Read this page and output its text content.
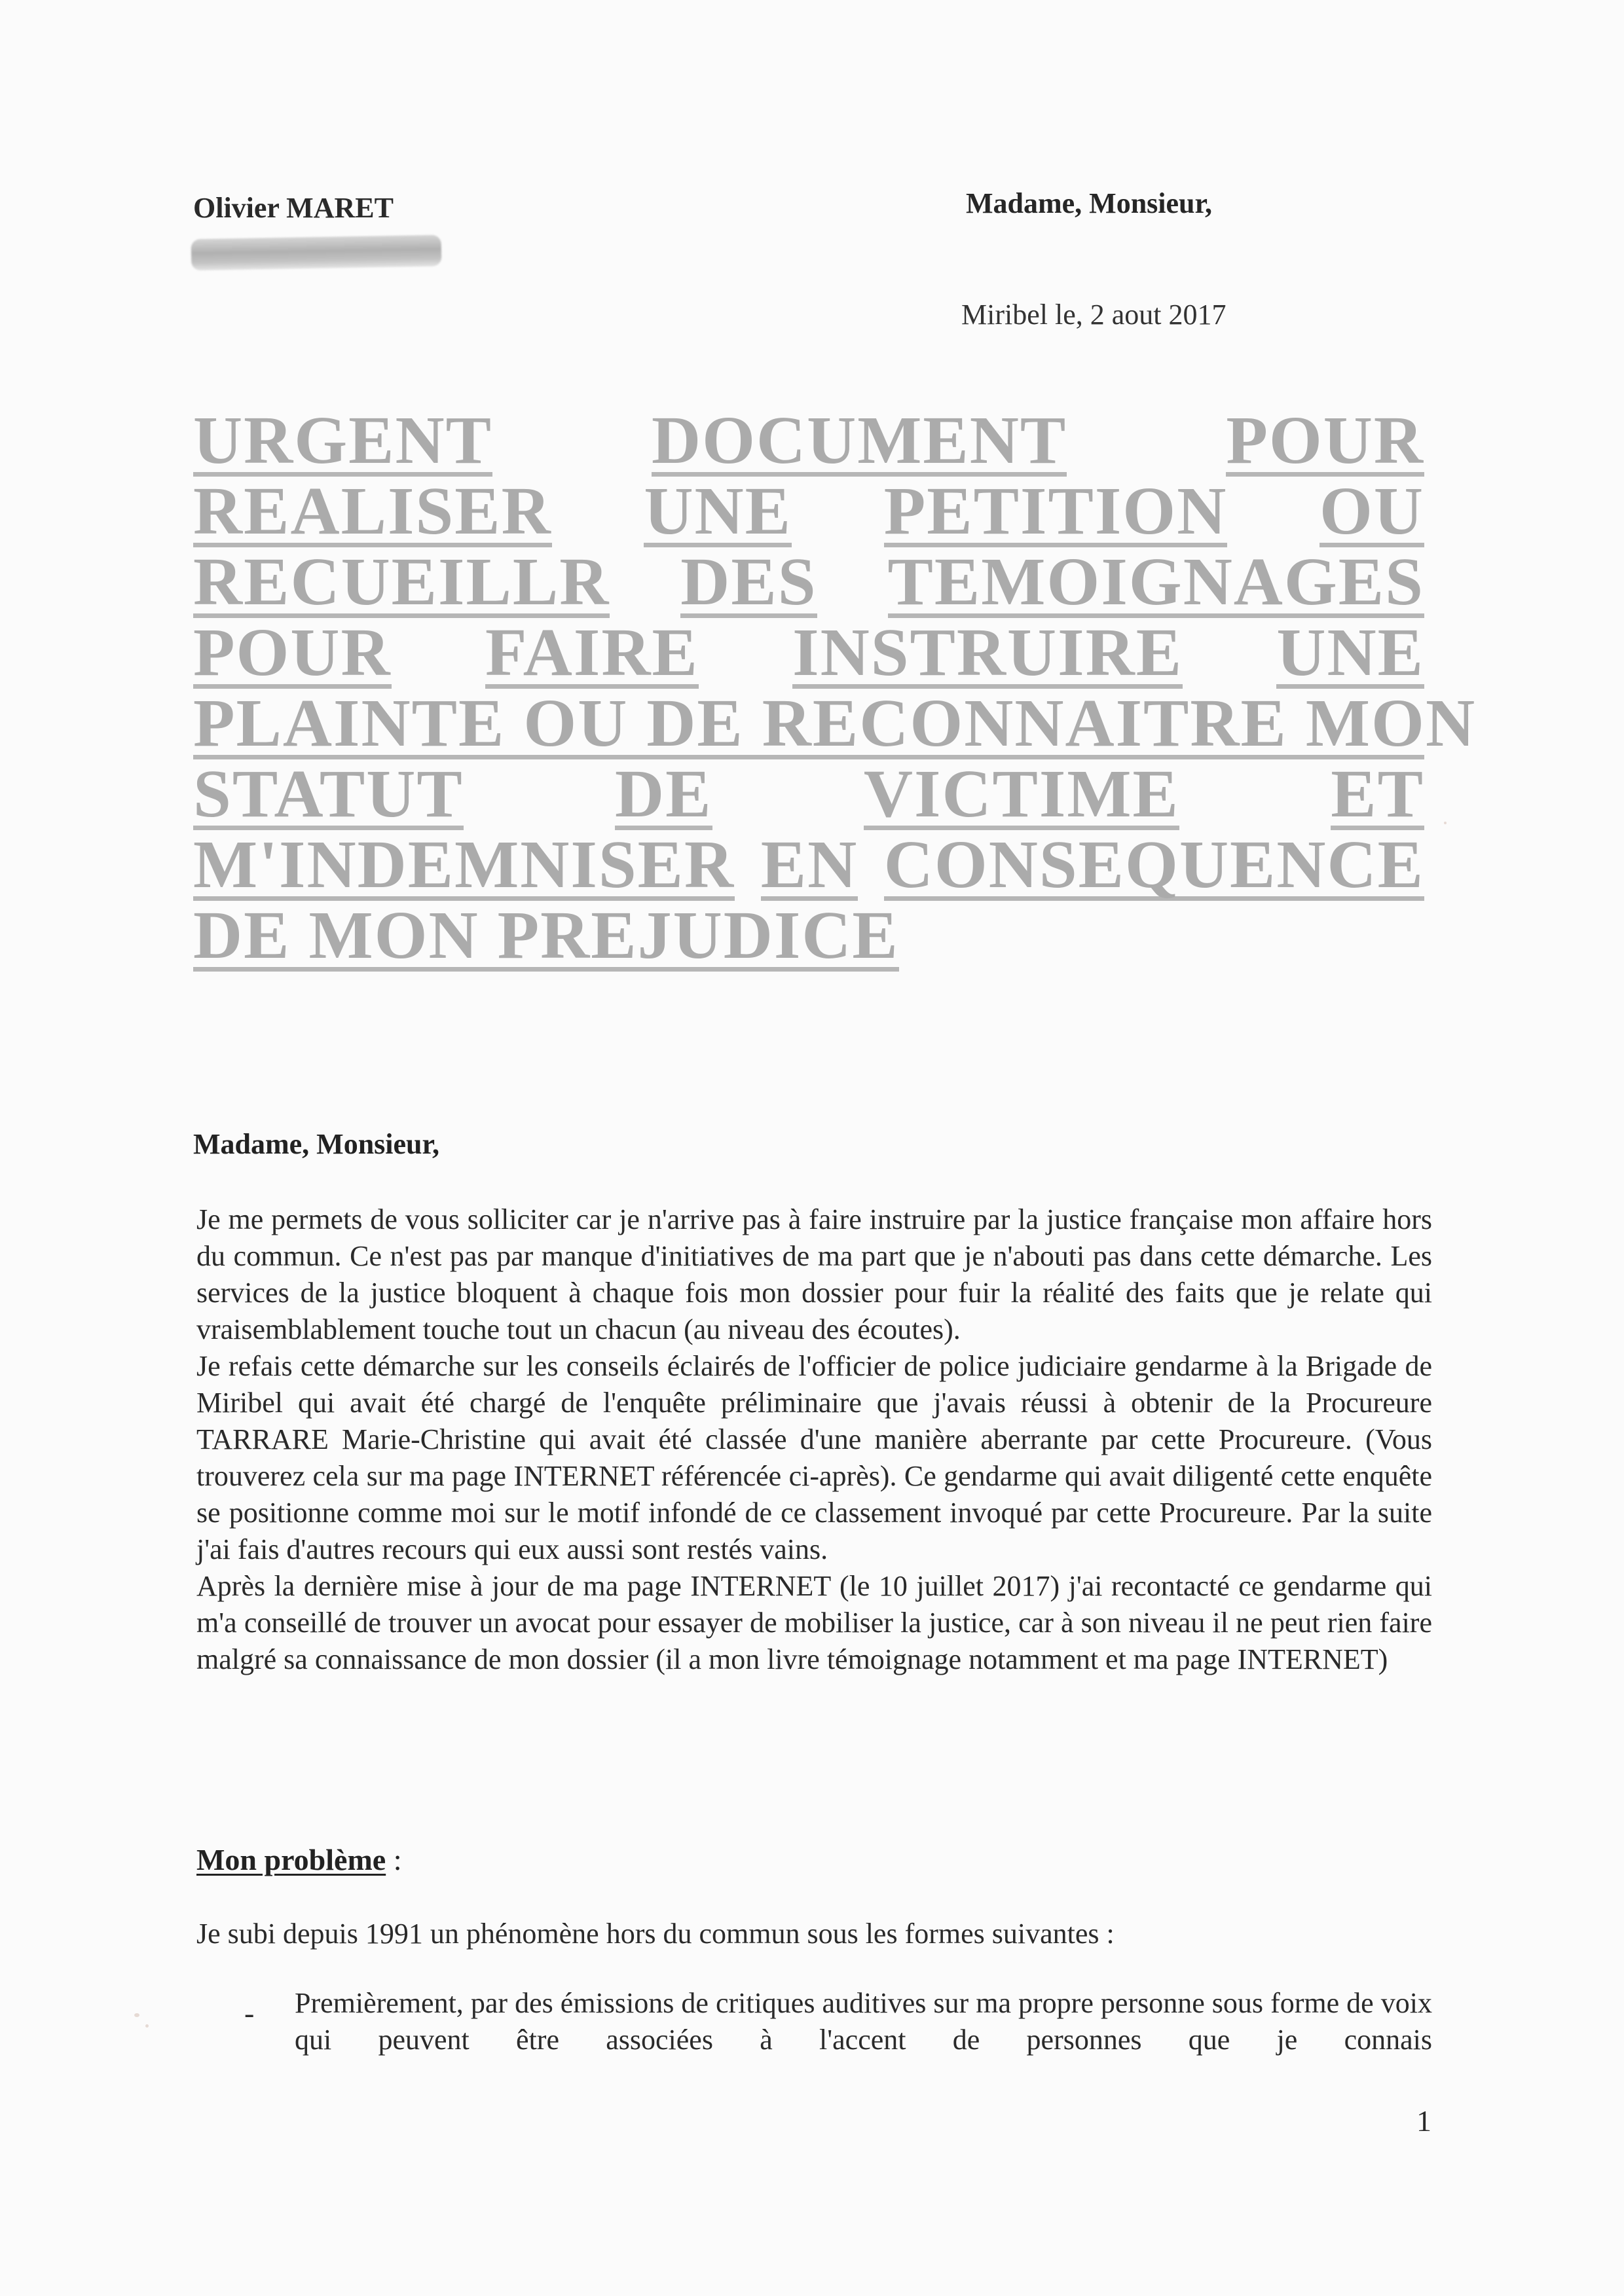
Olivier MARET	Madame, Monsieur,
Miribel le, 2 aout 2017
URGENT DOCUMENT POUR
REALISER UNE PETITION OU
RECUEILLR DES TEMOIGNAGES
POUR FAIRE INSTRUIRE UNE
PLAINTE OU DE RECONNAITRE MON
STATUT DE VICTIME ET
M'INDEMNISER EN CONSEQUENCE
DE MON PREJUDICE
Madame, Monsieur,

Je me permets de vous solliciter car je n'arrive pas à faire instruire par la justice française mon affaire hors du commun. Ce n'est pas par manque d'initiatives de ma part que je n'abouti pas dans cette démarche. Les services de la justice bloquent à chaque fois mon dossier pour fuir la réalité des faits que je relate qui vraisemblablement touche tout un chacun (au niveau des écoutes).

Je refais cette démarche sur les conseils éclairés de l'officier de police judiciaire gendarme à la Brigade de Miribel qui avait été chargé de l'enquête préliminaire que j'avais réussi à obtenir de la Procureure TARRARE Marie-Christine qui avait été classée d'une manière aberrante par cette Procureure. (Vous trouverez cela sur ma page INTERNET référencée ci-après). Ce gendarme qui avait diligenté cette enquête se positionne comme moi sur le motif infondé de ce classement invoqué par cette Procureure. Par la suite j'ai fais d'autres recours qui eux aussi sont restés vains.

Après la dernière mise à jour de ma page INTERNET (le 10 juillet 2017) j'ai recontacté ce gendarme qui m'a conseillé de trouver un avocat pour essayer de mobiliser la justice, car à son niveau il ne peut rien faire malgré sa connaissance de mon dossier (il a mon livre témoignage notamment et ma page INTERNET)

Mon problème :
Je subi depuis 1991 un phénomène hors du commun sous les formes suivantes :
- Premièrement, par des émissions de critiques auditives sur ma propre personne sous forme de voix qui peuvent être associées à l'accent de personnes que je connais
1
